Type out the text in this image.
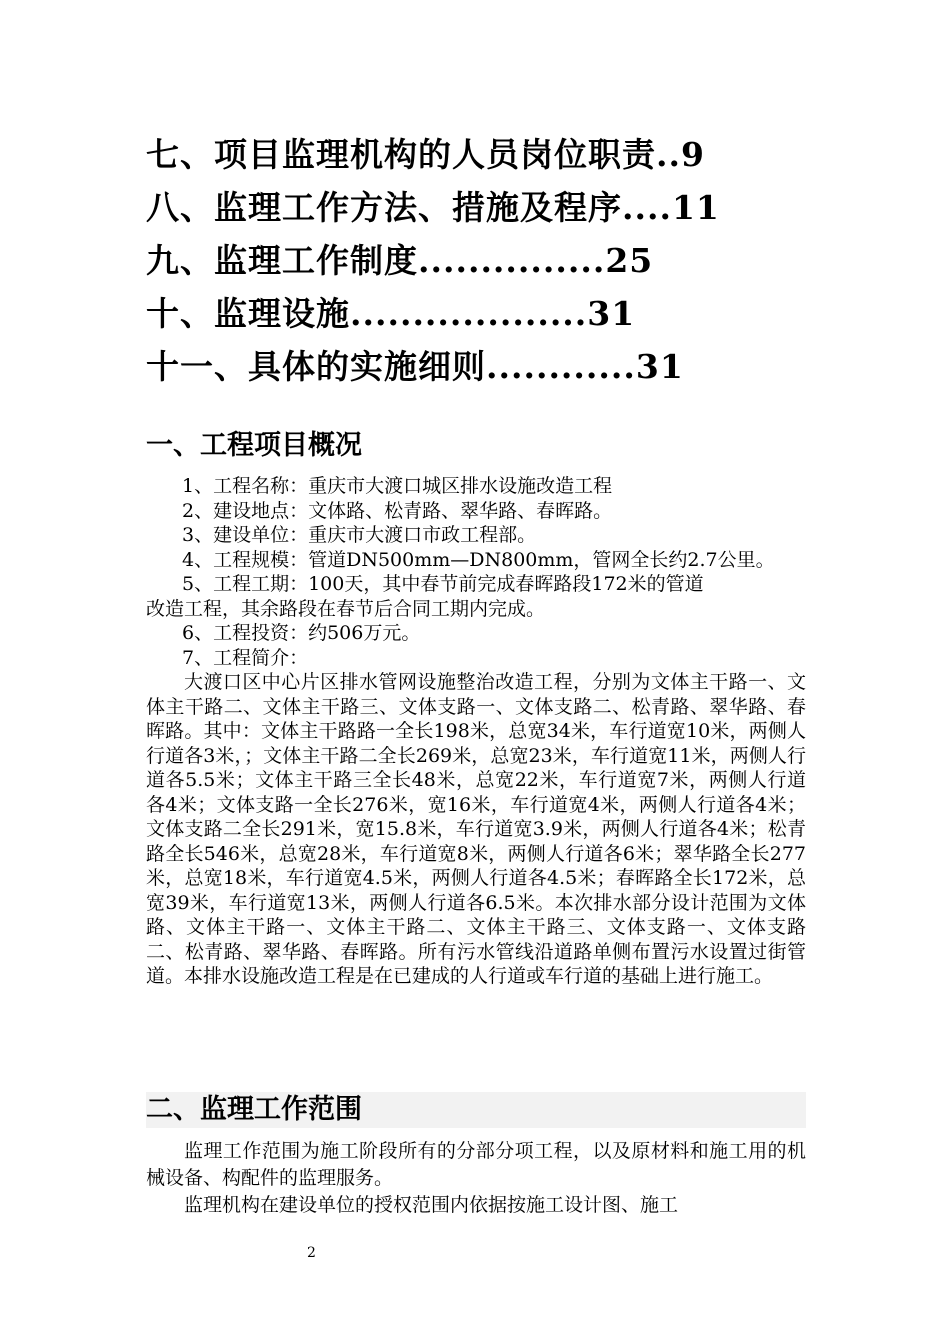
七、项目监理机构的人员岗位职责..9
八、监理工作方法、措施及程序....11
九、监理工作制度...............25
十、监理设施...................31
十一、具体的实施细则............31
一、工程项目概况

1、工程名称：重庆市大渡口城区排水设施改造工程

2、建设地点：文体路、松青路、翠华路、春晖路。

3、建设单位：重庆市大渡口市政工程部。

4、工程规模：管道DN500mm—DN800mm，管网全长约2.7公里。

5、工程工期：100天，其中春节前完成春晖路段172米的管道

改造工程，其余路段在春节后合同工期内完成。

6、工程投资：约506万元。

7、工程简介：

大渡口区中心片区排水管网设施整治改造工程，分别为文体主干路一、文体主干路二、文体主干路三、文体支路一、文体支路二、松青路、翠华路、春晖路。其中：文体主干路路一全长198米，总宽34米，车行道宽10米，两侧人行道各3米，；文体主干路二全长269米，总宽23米，车行道宽11米，两侧人行道各5.5米；文体主干路三全长48米，总宽22米，车行道宽7米，两侧人行道各4米；文体支路一全长276米，宽16米，车行道宽4米，两侧人行道各4米；文体支路二全长291米，宽15.8米，车行道宽3.9米，两侧人行道各4米；松青路全长546米，总宽28米，车行道宽8米，两侧人行道各6米；翠华路全长277米，总宽18米，车行道宽4.5米，两侧人行道各4.5米；春晖路全长172米，总宽39米，车行道宽13米，两侧人行道各6.5米。本次排水部分设计范围为文体路、文体主干路一、文体主干路二、文体主干路三、文体支路一、文体支路二、松青路、翠华路、春晖路。所有污水管线沿道路单侧布置污水设置过街管道。本排水设施改造工程是在已建成的人行道或车行道的基础上进行施工。

二、监理工作范围

监理工作范围为施工阶段所有的分部分项工程，以及原材料和施工用的机械设备、构配件的监理服务。

监理机构在建设单位的授权范围内依据按施工设计图、施工

2
